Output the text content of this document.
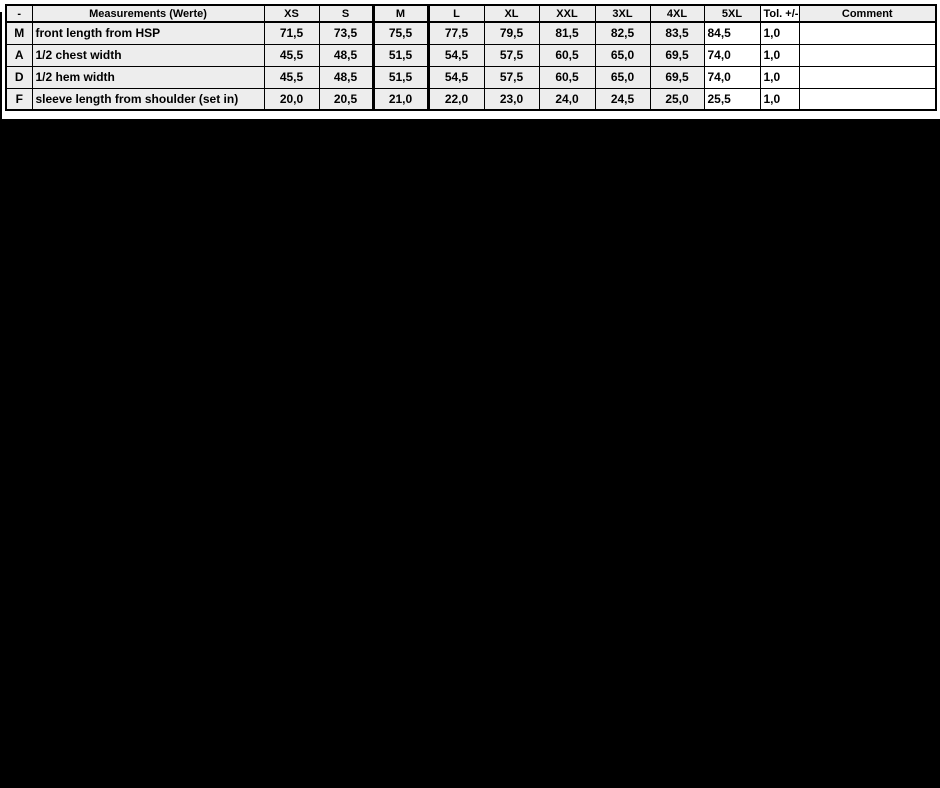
-	Measurements (Werte)	XS	S	M	L	XL	XXL	3XL	4XL	5XL	Tol. +/-	Comment
M	front length from HSP	71,5	73,5	75,5	77,5	79,5	81,5	82,5	83,5	84,5	1,0	
A	1/2 chest width	45,5	48,5	51,5	54,5	57,5	60,5	65,0	69,5	74,0	1,0	
D	1/2 hem width	45,5	48,5	51,5	54,5	57,5	60,5	65,0	69,5	74,0	1,0	
F	sleeve length from shoulder (set in)	20,0	20,5	21,0	22,0	23,0	24,0	24,5	25,0	25,5	1,0	
